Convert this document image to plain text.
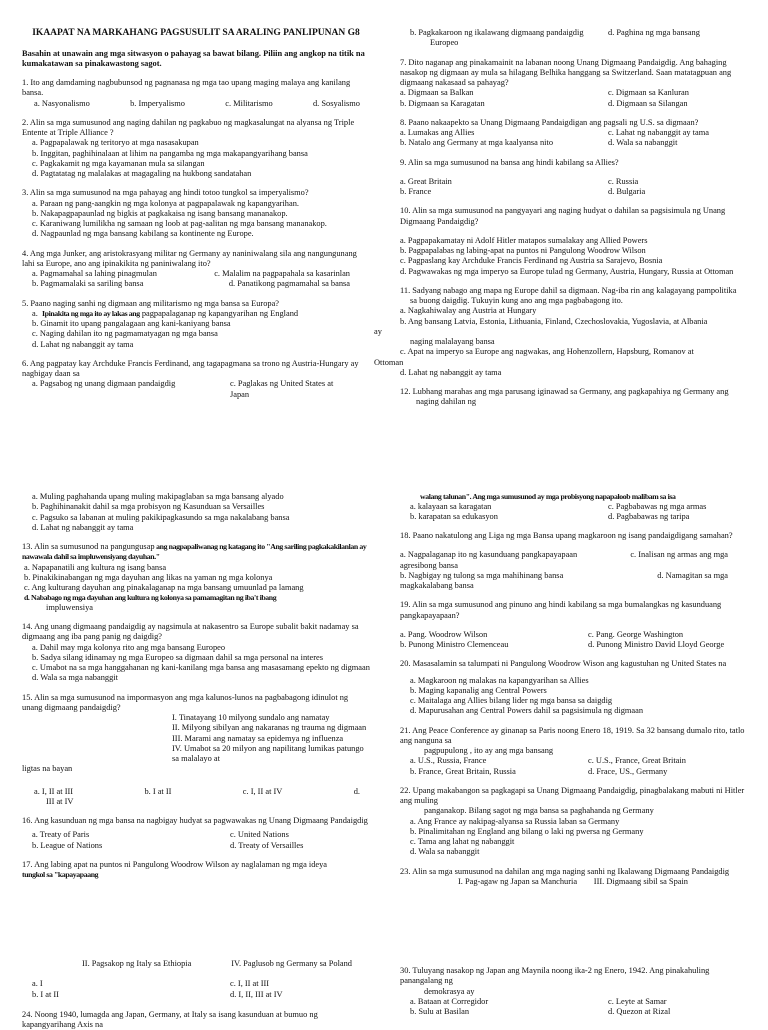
IKAAPAT NA MARKAHANG PAGSUSULIT SA ARALING PANLIPUNAN G8
Basahin at unawain ang mga sitwasyon o pahayag sa bawat bilang. Piliin ang angkop na titik na kumakatawan sa pinakawastong sagot.
1. Ito ang damdaming nagbubunsod ng pagnanasa ng mga tao upang maging malaya ang kanilang bansa.
a. Nasyonalismo	b. Imperyalismo	c. Militarismo	d. Sosyalismo
2. Alin sa mga sumusunod ang naging dahilan ng pagkabuo ng magkasalungat na alyansa ng Triple Entente at Triple Alliance ?
a. Pagpapalawak ng teritoryo at mga nasasakupan
b. Inggitan, paghihinalaan at lihim na pangamba ng mga makapangyarihang bansa
c. Pagkakamit ng mga kayamanan mula sa silangan
d. Pagtatatag ng malalakas at magagaling na hukbong sandatahan
3. Alin sa mga sumusunod na mga pahayag ang hindi totoo tungkol sa imperyalismo?
a. Paraan ng pang-aangkin ng mga kolonya at pagpapalawak ng kapangyarihan.
b. Nakapagpapaunlad ng bigkis at pagkakaisa ng isang bansang mananakop.
c. Karaniwang lumilikha ng samaan ng loob at pag-aalitan ng mga bansang mananakop.
d. Nagpaunlad ng mga bansang kabilang sa kontinente ng Europe.
4. Ang mga Junker, ang aristokrasyang militar ng Germany ay naniniwalang sila ang nangungunang lahi sa Europe, ano ang ipinakikita ng paniniwalang ito?
a. Pagmamahal sa lahing pinagmulan	c. Malalim na pagpapahala sa kasarinlan
b. Pagmamalaki sa sariling bansa	d. Panatikong pagmamahal sa bansa
5. Paano naging sanhi ng digmaan ang militarismo ng mga bansa sa Europa?
a.  Ipinakita ng mga ito ay lakas ang pagpapalaganap ng kapangyarihan ng England
b. Ginamit ito upang pangalagaan ang kani-kaniyang bansa
c. Naging dahilan ito ng pagmamatyagan ng mga bansa
d. Lahat ng nabanggit ay tama
6. Ang pagpatay kay Archduke Francis Ferdinand, ang tagapagmana sa trono ng Austria-Hungary ay nagbigay daan sa
a. Pagsabog ng unang digmaan pandaigdig	c. Paglakas ng United States at Japan
a. Muling paghahanda upang muling makipaglaban sa mga bansang alyado
b. Paghihinanakit dahil sa mga probisyon ng Kasunduan sa Versailles
c. Pagsuko sa labanan at muling pakikipagkasundo sa mga nakalabang bansa
d. Lahat ng nabanggit ay tama
13. Alin sa sumusunod na pangungusap ang nagpapaliwanag ng katagang ito "Ang sariling pagkakakilanlan ay nawawala dahil sa impluwensiyang dayuhan."
a. Napapanatili ang kultura ng isang bansa
b. Pinakikinabangan ng mga dayuhan ang likas na yaman ng mga kolonya
c. Ang kulturang dayuhan ang pinakalaganap na mga bansang umuunlad pa lamang
d. Nababago ng mga dayuhan ang kultura ng kolonya sa pamamagitan ng iba't ibang
impluwensiya
14. Ang unang digmaang pandaigdig ay nagsimula at nakasentro sa Europe subalit bakit nadamay sa digmaang ang iba pang panig ng daigdig?
a. Dahil may mga kolonya rito ang mga bansang Europeo
b. Sadya silang idinamay ng mga Europeo sa digmaan dahil sa mga personal na interes
c. Umabot na sa mga hanggahanan ng kani-kanilang mga bansa ang masasamang epekto ng digmaan
d. Wala sa mga nabanggit
15. Alin sa mga sumusunod na impormasyon ang mga kalunos-lunos na pagbabagong idinulot ng unang digmaang pandaigdig?
I. Tinatayang 10 milyong sundalo ang namatay
II. Milyong sibilyan ang nakaranas ng trauma ng digmaan
III. Marami ang namatay sa epidemya ng influenza
IV. Umabot sa 20 milyon ang napilitang lumikas patungo sa malalayo at
ligtas na bayan
a. I, II at III	b. I at II	c. I, II at IV	d.
III at IV
16. Ang kasunduan ng mga bansa na nagbigay hudyat sa pagwawakas ng Unang Digmaang Pandaigdig
a. Treaty of Paris	c. United Nations
b. League of Nations	d. Treaty of Versailles
17. Ang labing apat na puntos ni Pangulong Woodrow Wilson ay naglalaman ng mga ideya
tungkol sa "kapayapaang
II. Pagsakop ng Italy sa Ethiopia	IV. Paglusob ng Germany sa Poland
a. I	c. I, II at III
b. I at II	d. I, II, III at IV
24. Noong 1940, lumagda ang Japan, Germany, at Italy sa isang kasunduan at bumuo ng
kapangyarihang Axis na
b. Pagkakaroon ng ikalawang digmaang pandaigdig	d. Paghina ng mga bansang
Europeo
7. Dito naganap ang pinakamainit na labanan noong Unang Digmaang Pandaigdig. Ang bahaging nasakop ng digmaan ay mula sa hilagang Belhika hanggang sa Switzerland. Saan matatagpuan ang digmaang nakasaad sa pahayag?
a. Digmaan sa Balkan	c. Digmaan sa Kanluran
b. Digmaan sa Karagatan	d. Digmaan sa Silangan
8. Paano nakaapekto sa Unang Digmaang Pandaigdigan ang pagsali ng U.S. sa digmaan?
a. Lumakas ang Allies	c. Lahat ng nabanggit ay tama
b. Natalo ang Germany at mga kaalyansa nito	d. Wala sa nabanggit
9. Alin sa mga sumusunod na bansa ang hindi kabilang sa Allies?
a. Great Britain	c. Russia
b. France	d. Bulgaria
10. Alin sa mga sumusunod na pangyayari ang naging hudyat o dahilan sa pagsisimula ng Unang Digmaang Pandaigdig?
a. Pagpapakamatay ni Adolf Hitler matapos sumalakay ang Allied Powers
b. Pagpapalabas ng labing-apat na puntos ni Pangulong Woodrow Wilson
c. Pagpaslang kay Archduke Francis Ferdinand ng Austria sa Sarajevo, Bosnia
d. Pagwawakas ng mga imperyo sa Europe tulad ng Germany, Austria, Hungary, Russia at Ottoman
11. Sadyang nabago ang mapa ng Europe dahil sa digmaan. Nag-iba rin ang kalagayang pampolitika
sa buong daigdig. Tukuyin kung ano ang mga pagbabagong ito.
a. Nagkahiwalay ang Austria at Hungary
b. Ang bansang Latvia, Estonia, Lithuania, Finland, Czechoslovakia, Yugoslavia, at Albania
ay
naging malalayang bansa
c. Apat na imperyo sa Europe ang nagwakas, ang Hohenzollern, Hapsburg, Romanov at
Ottoman
d. Lahat ng nabanggit ay tama
12. Lubhang marahas ang mga parusang iginawad sa Germany, ang pagkapahiya ng Germany ang
naging dahilan ng
walang talunan". Ang mga sumusunod ay mga probisyong napapaloob malibam sa isa
a. kalayaan sa karagatan	c. Pagbabawas ng mga armas
b. karapatan sa edukasyon	d. Pagbabawas ng taripa
18. Paano nakatulong ang Liga ng mga Bansa upang magkaroon ng isang pandaigdigang samahan?
a. Nagpalaganap ito ng kasunduang pangkapayapaan	c. Inalisan ng armas ang mga
agresibong bansa
b. Nagbigay ng tulong sa mga mahihinang bansa	d. Namagitan sa mga
magkakalabang bansa
19. Alin sa mga sumusunod ang pinuno ang hindi kabilang sa mga bumalangkas ng kasunduang pangkapayapaan?
a. Pang. Woodrow Wilson	c. Pang. George Washington
b. Punong Ministro Clemenceau	d. Punong Ministro David Lloyd George
20. Masasalamin sa talumpati ni Pangulong Woodrow Wison ang kagustuhan ng United States na
a. Magkaroon ng malakas na kapangyarihan sa Allies
b. Maging kapanalig ang Central Powers
c. Maitalaga ang Allies bilang lider ng mga bansa sa daigdig
d. Mapurusahan ang Central Powers dahil sa pagsisimula ng digmaan
21. Ang Peace Conference ay ginanap sa Paris noong Enero 18, 1919. Sa 32 bansang dumalo rito, tatlo ang nanguna sa
pagpupulong , ito ay ang mga bansang
a. U.S., Russia, France	c. U.S., France, Great Britain
b. France, Great Britain, Russia	d. Frace, US., Germany
22. Upang makabangon sa pagkagapi sa Unang Digmaang Pandaigdig, pinagbalakang mabuti ni Hitler ang muling
panganakop. Bilang sagot ng mga bansa sa paghahanda ng Germany
a. Ang France ay nakipag-alyansa sa Russia laban sa Germany
b. Pinalimitahan ng England ang bilang o laki ng pwersa ng Germany
c. Tama ang lahat ng nabanggit
d. Wala sa nabanggit
23. Alin sa mga sumusunod na dahilan ang mga naging sanhi ng Ikalawang Digmaang Pandaigdig
I. Pag-agaw ng Japan sa Manchuria III. Digmaang sibil sa Spain
30. Tuluyang nasakop ng Japan ang Maynila noong ika-2 ng Enero, 1942. Ang pinakahuling panangalang ng
demokrasya ay
a. Bataan at Corregidor	c. Leyte at Samar
b. Sulu at Basilan	d. Quezon at Rizal
